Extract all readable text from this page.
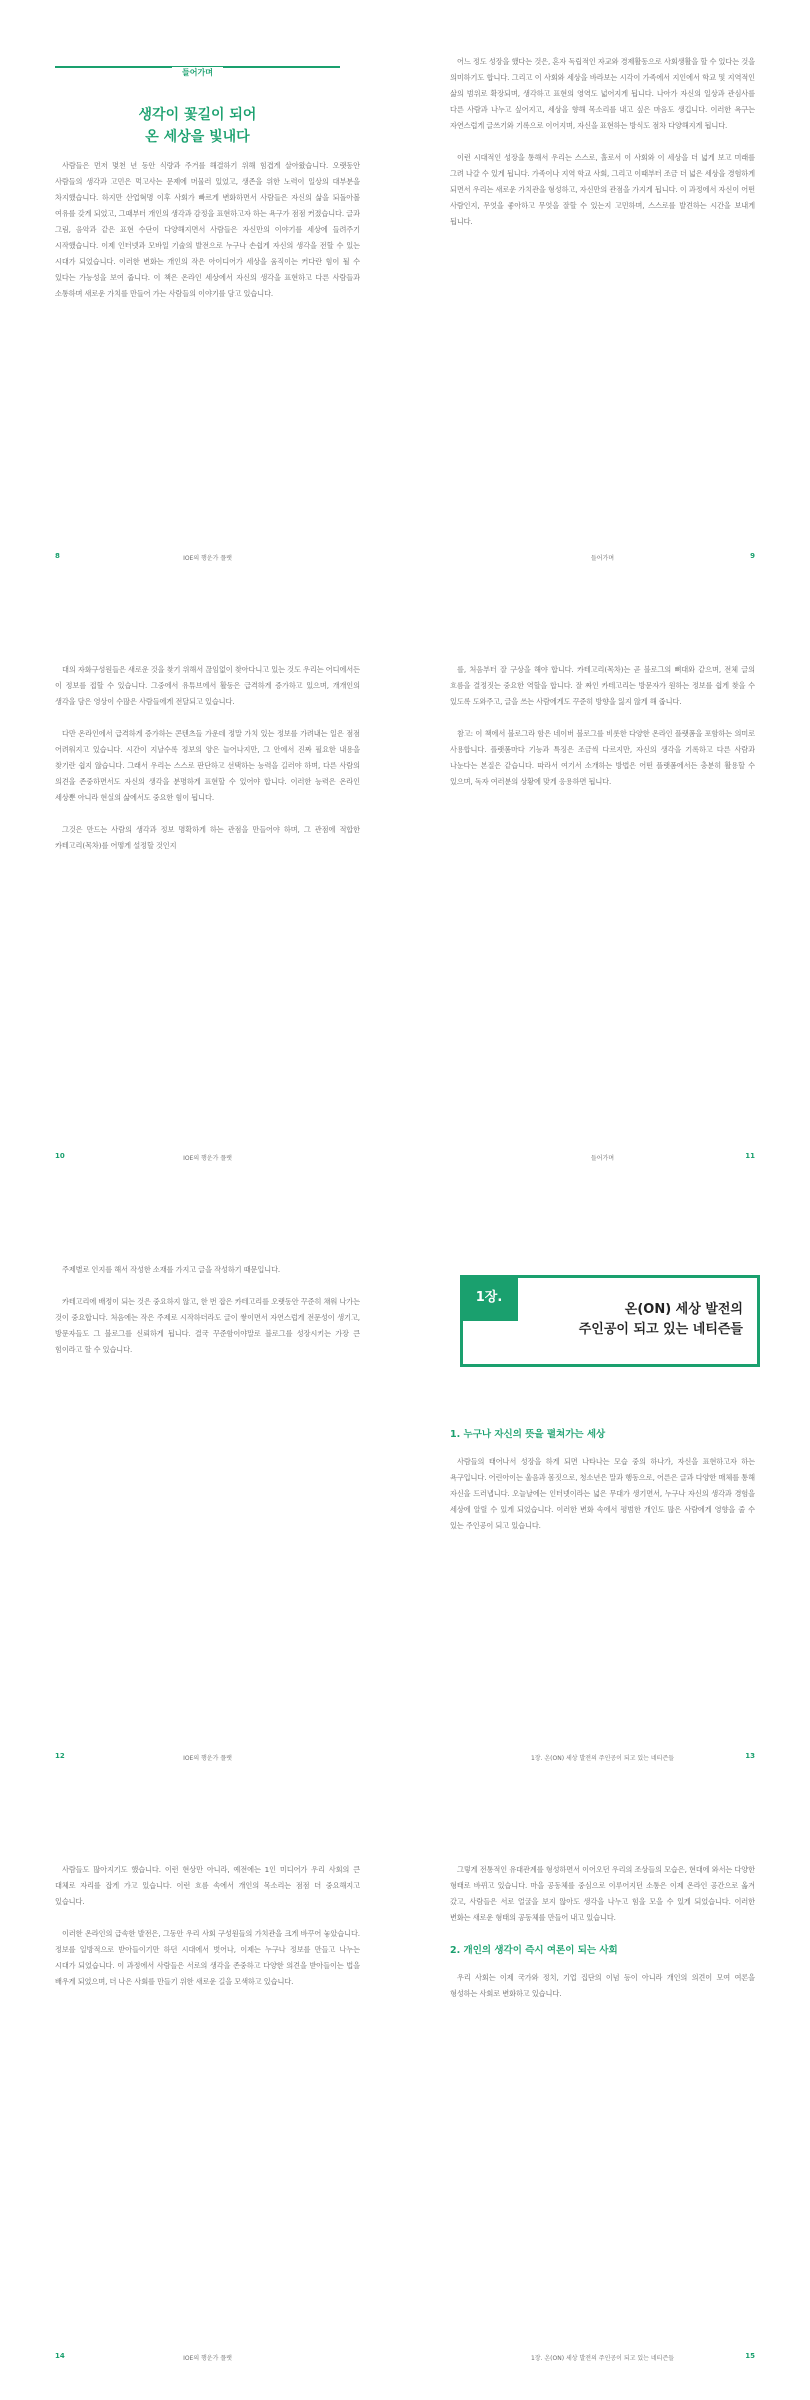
사람들은 먼저 몇천 년 동안 식량과 주거를 해결하기 위해 힘겹게 살아왔습니다. 오랫동안 사람들의 생각과 고민은 먹고사는 문제에 머물러 있었고, 생존을 위한 노력이 일상의 대부분을 차지했습니다. 하지만 산업혁명 이후 사회가 빠르게 변화하면서 사람들은 자신의 삶을 되돌아볼 여유를 갖게 되었고, 그때부터 개인의 생각과 감정을 표현하고자 하는 욕구가 점점 커졌습니다. 글과 그림, 음악과 같은 표현 수단이 다양해지면서 사람들은 자신만의 이야기를 세상에 들려주기 시작했습니다. 이제 인터넷과 모바일 기술의 발전으로 누구나 손쉽게 자신의 생각을 전할 수 있는 시대가 되었습니다. 이러한 변화는 개인의 작은 아이디어가 세상을 움직이는 커다란 힘이 될 수 있다는 가능성을 보여 줍니다. 이 책은 온라인 세상에서 자신의 생각을 표현하고 다른 사람들과 소통하며 새로운 가치를 만들어 가는 사람들의 이야기를 담고 있습니다.

8	IOE의 행운가 플랫
들어가며
생각이 꽃길이 되어
온 세상을 빛내다

어느 정도 성장을 했다는 것은, 혼자 독립적인 자교와 경제활동으로 사회생활을 할 수 있다는 것을 의미하기도 합니다. 그리고 이 사회와 세상을 바라보는 시각이 가족에서 지인에서 학교 및 지역적인 삶의 범위로 확장되며, 생각하고 표현의 영역도 넓어지게 됩니다. 나아가 자신의 일상과 관심사를 다른 사람과 나누고 싶어지고, 세상을 향해 목소리를 내고 싶은 마음도 생깁니다. 이러한 욕구는 자연스럽게 글쓰기와 기록으로 이어지며, 자신을 표현하는 방식도 점차 다양해지게 됩니다.

이런 시대적인 성장을 통해서 우리는 스스로, 홀로서 이 사회와 이 세상을 더 넓게 보고 미래를 그려 나갈 수 있게 됩니다. 가족이나 지역 학교 사회, 그리고 이때부터 조금 더 넓은 세상을 경험하게 되면서 우리는 새로운 가치관을 형성하고, 자신만의 관점을 가지게 됩니다. 이 과정에서 자신이 어떤 사람인지, 무엇을 좋아하고 무엇을 잘할 수 있는지 고민하며, 스스로를 발견하는 시간을 보내게 됩니다.

들어가며	9

대의 자화구성원들은 새로운 것을 찾기 위해서 끊임없이 찾아다니고 있는 것도 우리는 어디에서든 이 정보를 접할 수 있습니다. 그중에서 유튜브에서 활동은 급격하게 증가하고 있으며, 개개인의 생각을 담은 영상이 수많은 사람들에게 전달되고 있습니다.

다만 온라인에서 급격하게 증가하는 콘텐츠들 가운데 정말 가치 있는 정보를 가려내는 일은 점점 어려워지고 있습니다. 시간이 지날수록 정보의 양은 늘어나지만, 그 안에서 진짜 필요한 내용을 찾기란 쉽지 않습니다. 그래서 우리는 스스로 판단하고 선택하는 능력을 길러야 하며, 다른 사람의 의견을 존중하면서도 자신의 생각을 분명하게 표현할 수 있어야 합니다. 이러한 능력은 온라인 세상뿐 아니라 현실의 삶에서도 중요한 힘이 됩니다.

그것은 만드는 사람의 생각과 정보 명확하게 하는 관점을 만들어야 하며, 그 관점에 적합한 카테고리(목차)를 어떻게 설정할 것인지

10	IOE의 행운가 플랫

를, 처음부터 잘 구상을 해야 합니다. 카테고리(목차)는 곧 블로그의 뼈대와 같으며, 전체 글의 흐름을 결정짓는 중요한 역할을 합니다. 잘 짜인 카테고리는 방문자가 원하는 정보를 쉽게 찾을 수 있도록 도와주고, 글을 쓰는 사람에게도 꾸준히 방향을 잃지 않게 해 줍니다.

참고: 이 책에서 블로그라 함은 네이버 블로그를 비롯한 다양한 온라인 플랫폼을 포함하는 의미로 사용합니다. 플랫폼마다 기능과 특징은 조금씩 다르지만, 자신의 생각을 기록하고 다른 사람과 나눈다는 본질은 같습니다. 따라서 여기서 소개하는 방법은 어떤 플랫폼에서든 충분히 활용할 수 있으며, 독자 여러분의 상황에 맞게 응용하면 됩니다.

들어가며	11

주제별로 인지를 해서 작성한 소재를 가지고 글을 작성하기 때문입니다.

카테고리에 배정이 되는 것은 중요하지 않고, 한 번 잡은 카테고리를 오랫동안 꾸준히 채워 나가는 것이 중요합니다. 처음에는 작은 주제로 시작하더라도 글이 쌓이면서 자연스럽게 전문성이 생기고, 방문자들도 그 블로그를 신뢰하게 됩니다. 결국 꾸준함이야말로 블로그를 성장시키는 가장 큰 힘이라고 할 수 있습니다.

12	IOE의 행운가 플랫
1. 누구나 자신의 뜻을 펼쳐가는 세상

사람들의 태어나서 성장을 하게 되면 나타나는 모습 중의 하나가, 자신을 표현하고자 하는 욕구입니다. 어린아이는 울음과 몸짓으로, 청소년은 말과 행동으로, 어른은 글과 다양한 매체를 통해 자신을 드러냅니다. 오늘날에는 인터넷이라는 넓은 무대가 생기면서, 누구나 자신의 생각과 경험을 세상에 알릴 수 있게 되었습니다. 이러한 변화 속에서 평범한 개인도 많은 사람에게 영향을 줄 수 있는 주인공이 되고 있습니다.

1장. 온(ON) 세상 발전의 주인공이 되고 있는 네티즌들	13
1장.
온(ON) 세상 발전의
주인공이 되고 있는 네티즌들

사람들도 많아지기도 했습니다. 이런 현상만 아니라, 예전에는 1인 미디어가 우리 사회의 큰 대체로 자리를 잡게 가고 있습니다. 이런 흐름 속에서 개인의 목소리는 점점 더 중요해지고 있습니다.

이러한 온라인의 급속한 발전은, 그동안 우리 사회 구성원들의 가치관을 크게 바꾸어 놓았습니다. 정보를 일방적으로 받아들이기만 하던 시대에서 벗어나, 이제는 누구나 정보를 만들고 나누는 시대가 되었습니다. 이 과정에서 사람들은 서로의 생각을 존중하고 다양한 의견을 받아들이는 법을 배우게 되었으며, 더 나은 사회를 만들기 위한 새로운 길을 모색하고 있습니다.

14	IOE의 행운가 플랫

그렇게 전통적인 유대관계를 형성하면서 이어오던 우리의 조상들의 모습은, 현대에 와서는 다양한 형태로 바뀌고 있습니다. 마을 공동체를 중심으로 이루어지던 소통은 이제 온라인 공간으로 옮겨 갔고, 사람들은 서로 얼굴을 보지 않아도 생각을 나누고 힘을 모을 수 있게 되었습니다. 이러한 변화는 새로운 형태의 공동체를 만들어 내고 있습니다.

2. 개인의 생각이 즉시 여론이 되는 사회

우리 사회는 이제 국가와 정치, 기업 집단의 이념 등이 아니라 개인의 의견이 모여 여론을 형성하는 사회로 변화하고 있습니다.

1장. 온(ON) 세상 발전의 주인공이 되고 있는 네티즌들	15
